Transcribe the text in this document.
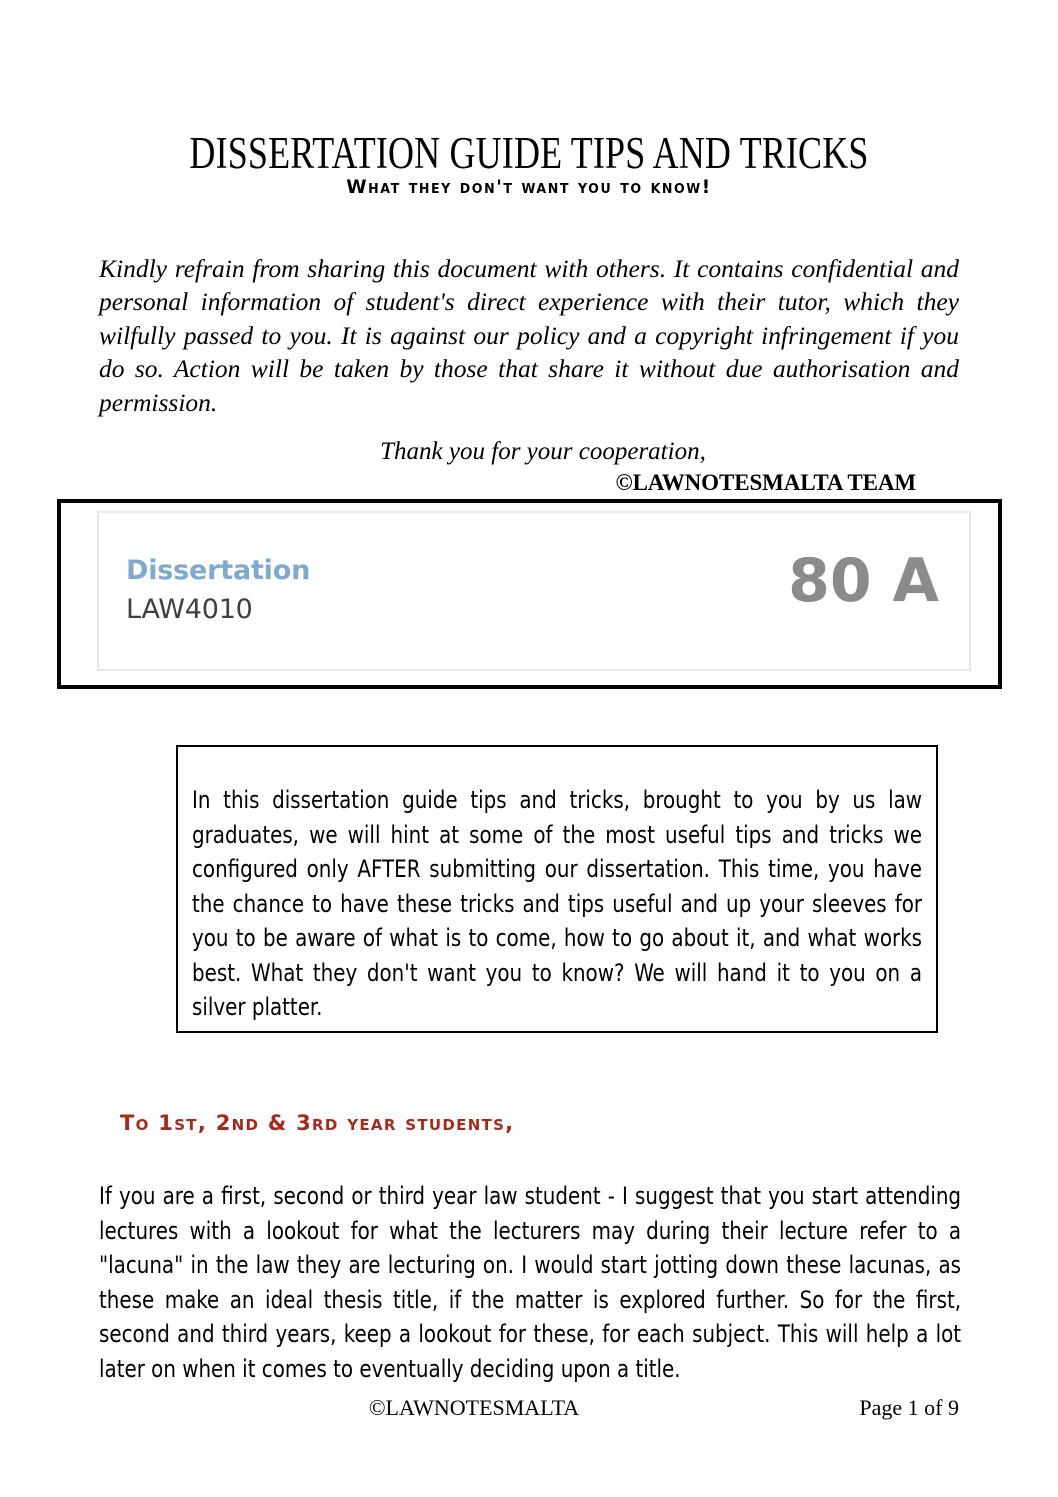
DISSERTATION GUIDE TIPS AND TRICKS
What they don't want you to know!

Kindly refrain from sharing this document with others. It contains confidential and personal information of student's direct experience with their tutor, which they wilfully passed to you. It is against our policy and a copyright infringement if you do so. Action will be taken by those that share it without due authorisation and permission.

Thank you for your cooperation,

©LAWNOTESMALTA TEAM

Dissertation
LAW4010	80 A

In this dissertation guide tips and tricks, brought to you by us law graduates, we will hint at some of the most useful tips and tricks we configured only AFTER submitting our dissertation. This time, you have the chance to have these tricks and tips useful and up your sleeves for you to be aware of what is to come, how to go about it, and what works best. What they don't want you to know? We will hand it to you on a silver platter.

To 1st, 2nd & 3rd year students,

If you are a first, second or third year law student - I suggest that you start attending lectures with a lookout for what the lecturers may during their lecture refer to a "lacuna" in the law they are lecturing on. I would start jotting down these lacunas, as these make an ideal thesis title, if the matter is explored further. So for the first, second and third years, keep a lookout for these, for each subject. This will help a lot later on when it comes to eventually deciding upon a title.

©LAWNOTESMALTA	Page 1 of 9
